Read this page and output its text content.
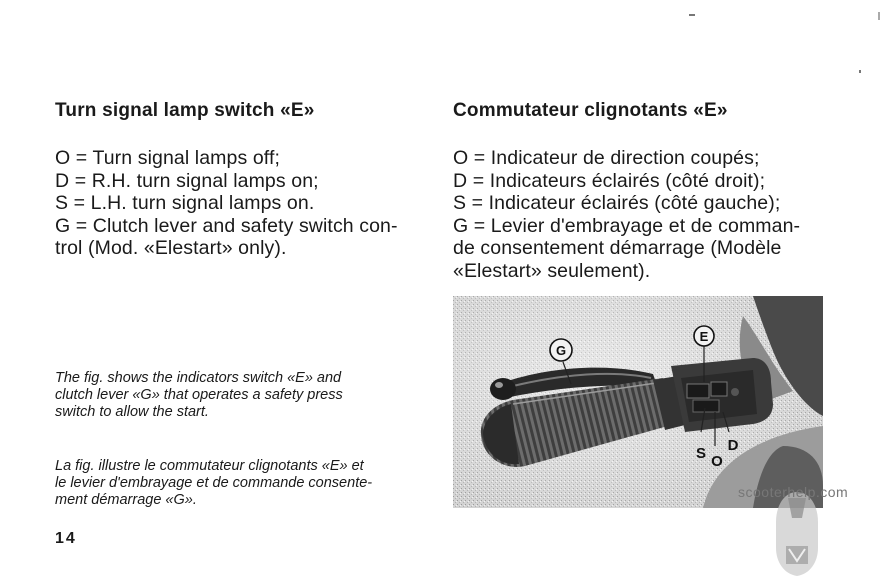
Turn signal lamp switch «E»
O = Turn signal lamps off;
D = R.H. turn signal lamps on;
S = L.H. turn signal lamps on.
G = Clutch lever and safety switch con-
trol (Mod. «Elestart» only).
The fig. shows the indicators switch «E» and
clutch lever «G» that operates a safety press
switch to allow the start.
La fig. illustre le commutateur clignotants «E» et
le levier d'embrayage et de commande consente-
ment démarrage «G».
14
Commutateur clignotants «E»
O = Indicateur de direction coupés;
D = Indicateurs éclairés (côté droit);
S = Indicateur éclairés (côté gauche);
G = Levier d'embrayage et de comman-
de consentement démarrage (Modèle
«Elestart» seulement).
G
E
S O
D
scooterhelp.com
